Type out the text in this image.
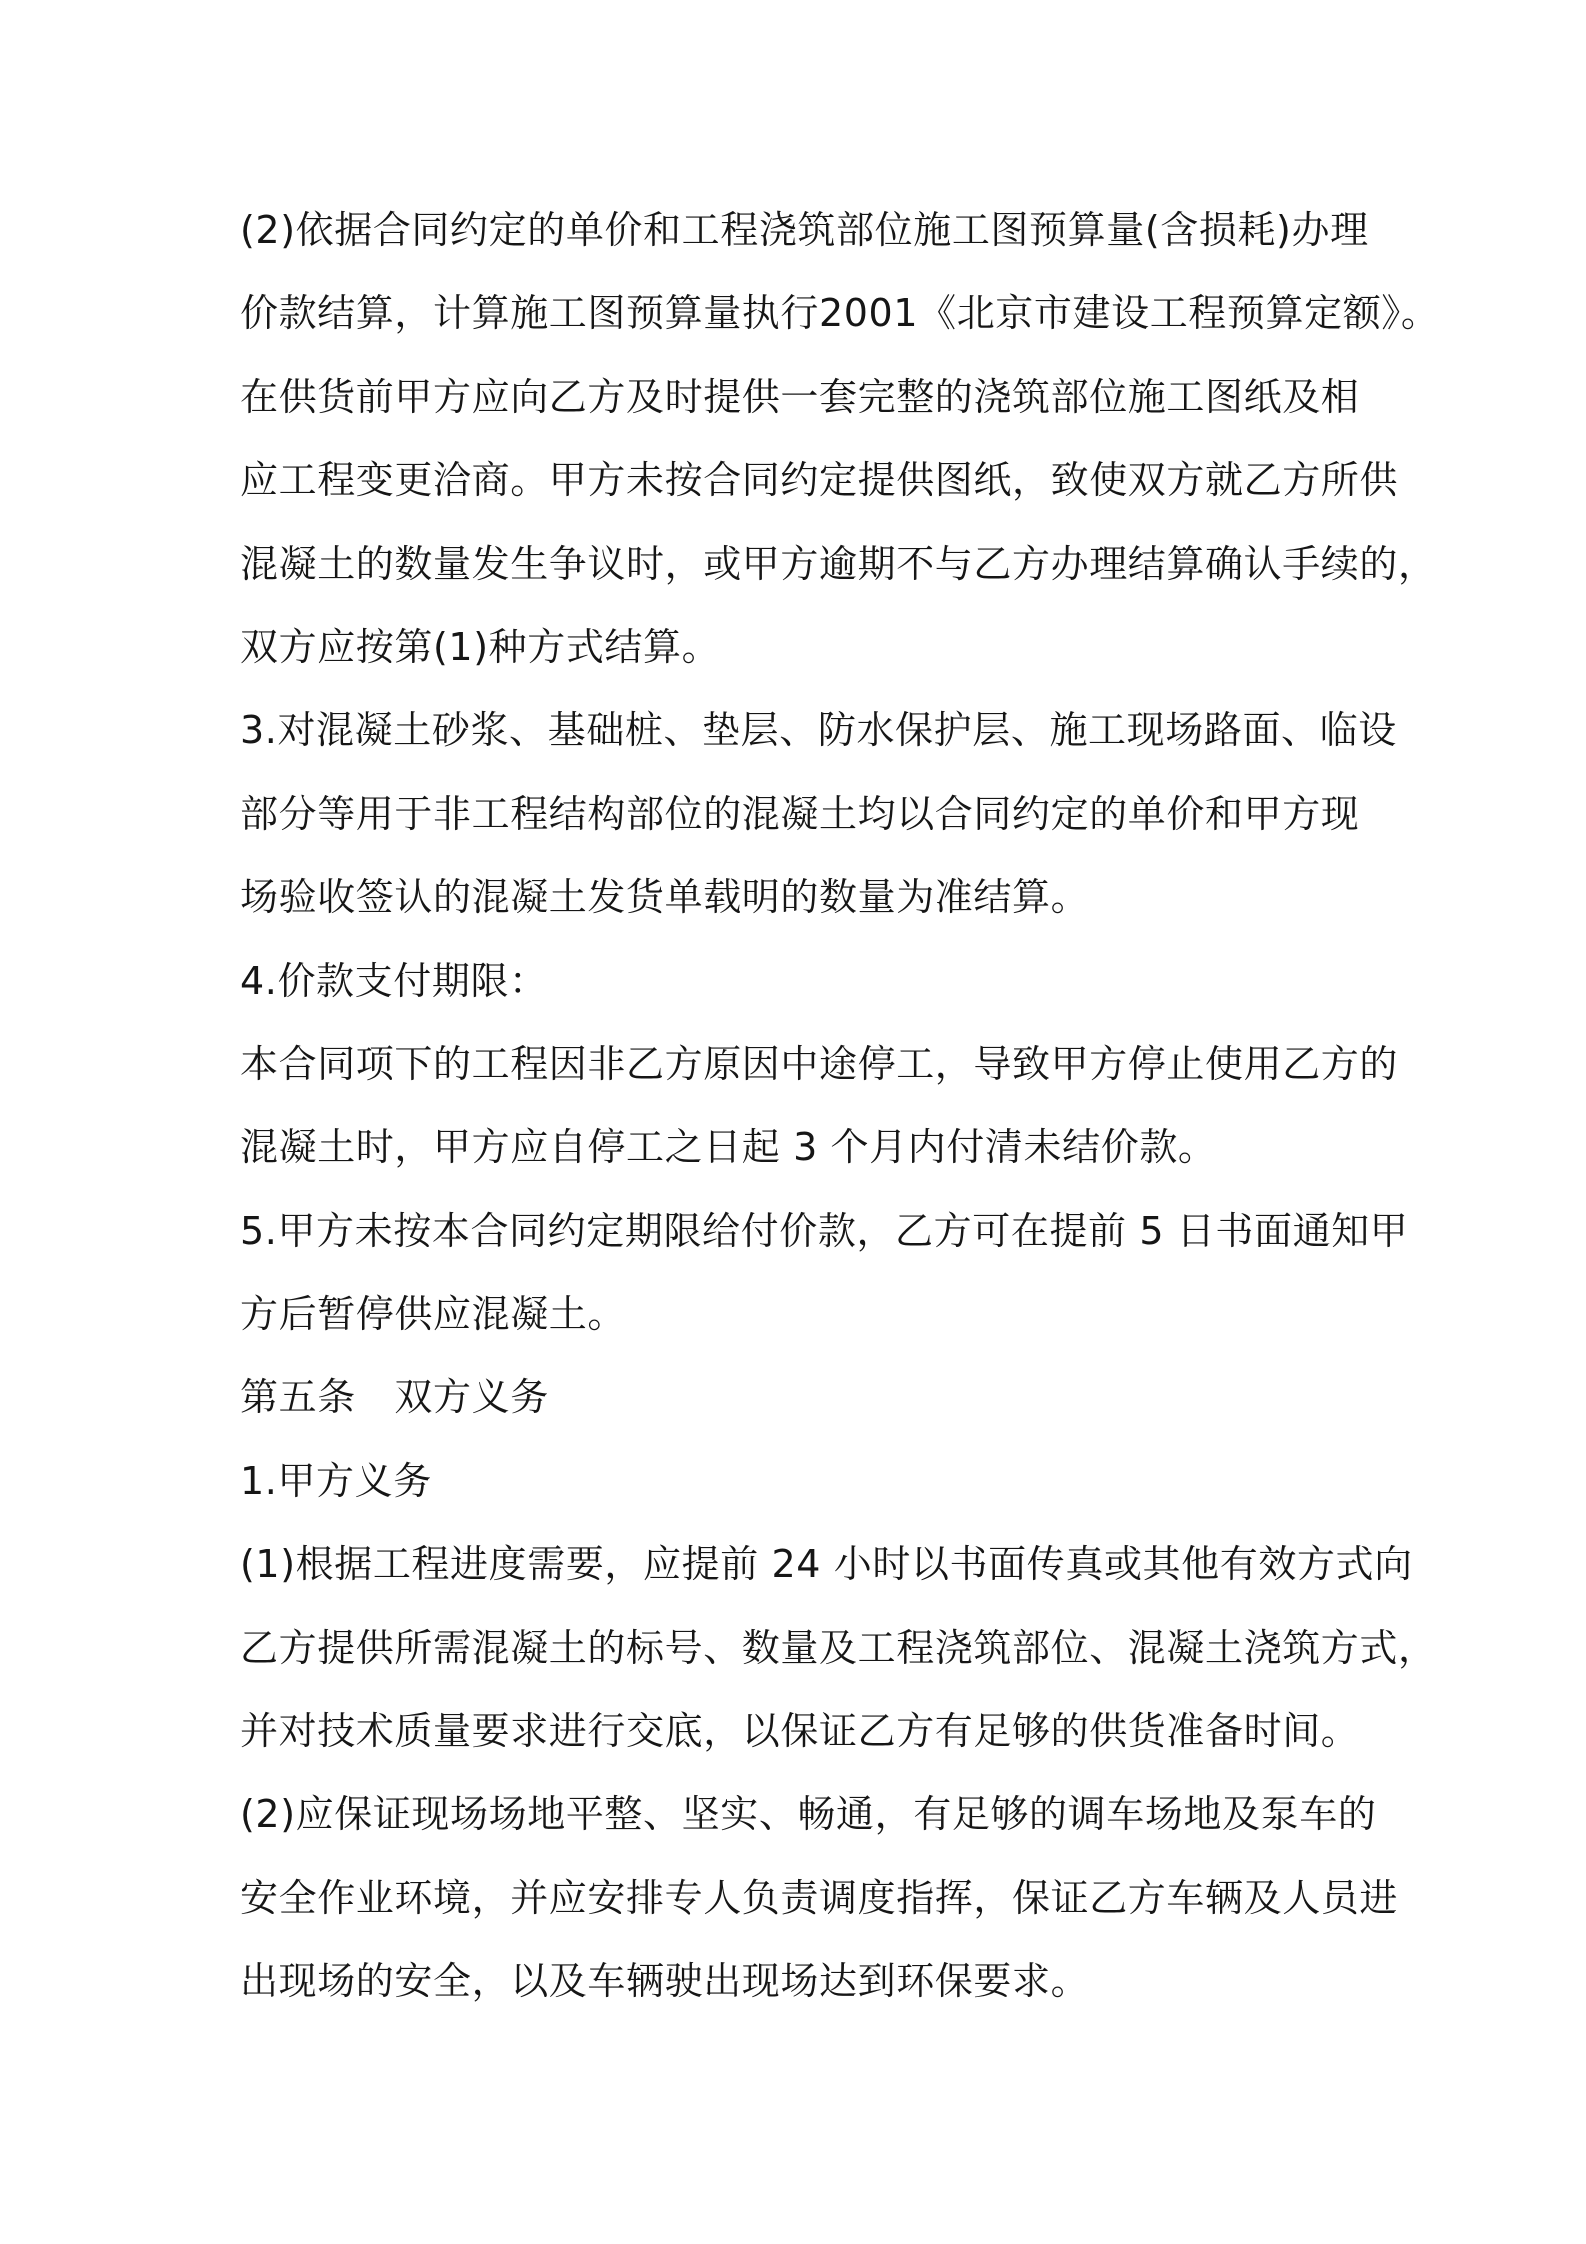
(2)依据合同约定的单价和工程浇筑部位施工图预算量(含损耗)办理
价款结算，计算施工图预算量执行2001《北京市建设工程预算定额》。
在供货前甲方应向乙方及时提供一套完整的浇筑部位施工图纸及相
应工程变更洽商。甲方未按合同约定提供图纸，致使双方就乙方所供
混凝土的数量发生争议时，或甲方逾期不与乙方办理结算确认手续的，
双方应按第(1)种方式结算。
3.对混凝土砂浆、基础桩、垫层、防水保护层、施工现场路面、临设
部分等用于非工程结构部位的混凝土均以合同约定的单价和甲方现
场验收签认的混凝土发货单载明的数量为准结算。
4.价款支付期限：
本合同项下的工程因非乙方原因中途停工，导致甲方停止使用乙方的
混凝土时，甲方应自停工之日起 3 个月内付清未结价款。
5.甲方未按本合同约定期限给付价款，乙方可在提前 5 日书面通知甲
方后暂停供应混凝土。
第五条　双方义务
1.甲方义务
(1)根据工程进度需要，应提前 24 小时以书面传真或其他有效方式向
乙方提供所需混凝土的标号、数量及工程浇筑部位、混凝土浇筑方式，
并对技术质量要求进行交底，以保证乙方有足够的供货准备时间。
(2)应保证现场场地平整、坚实、畅通，有足够的调车场地及泵车的
安全作业环境，并应安排专人负责调度指挥，保证乙方车辆及人员进
出现场的安全，以及车辆驶出现场达到环保要求。
